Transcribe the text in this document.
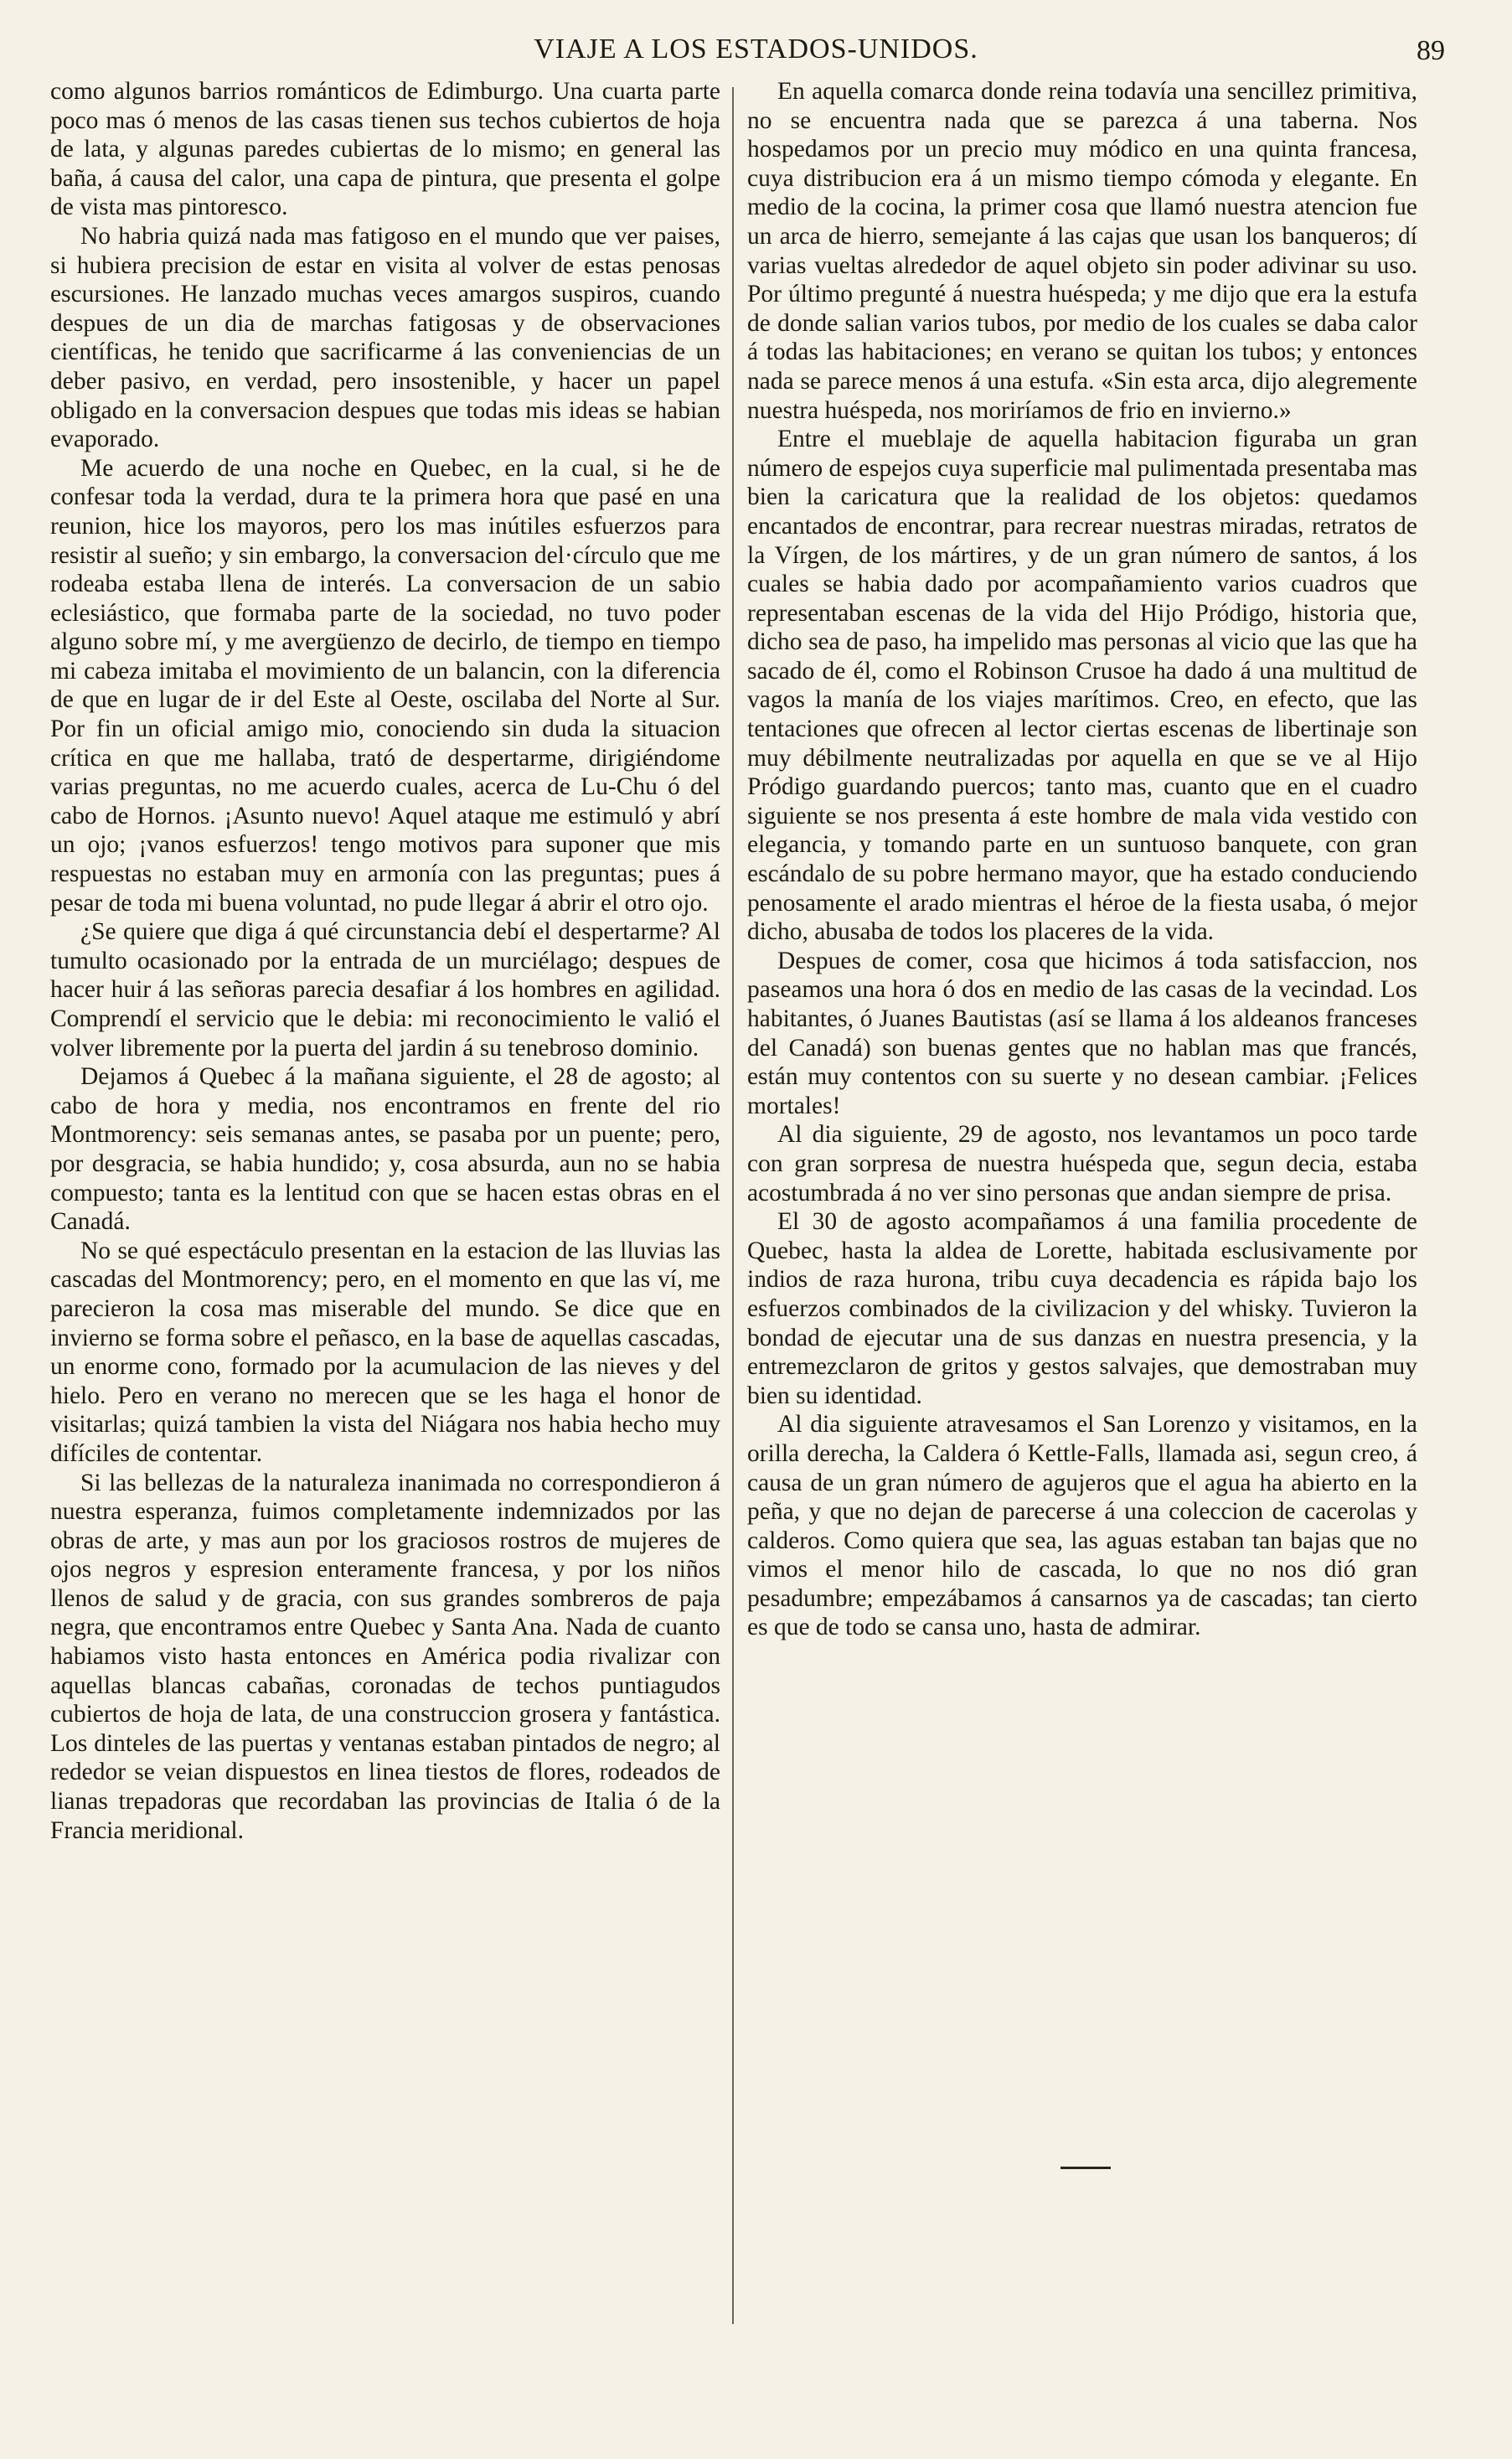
VIAJE A LOS ESTADOS-UNIDOS.	89

como algunos barrios románticos de Edimburgo. Una cuarta parte poco mas ó menos de las casas tienen sus techos cubiertos de hoja de lata, y algunas paredes cubiertas de lo mismo; en general las baña, á causa del calor, una capa de pintura, que presenta el golpe de vista mas pintoresco.

No habria quizá nada mas fatigoso en el mundo que ver paises, si hubiera precision de estar en visita al volver de estas penosas escursiones. He lanzado muchas veces amargos suspiros, cuando despues de un dia de marchas fatigosas y de observaciones científicas, he tenido que sacrificarme á las conveniencias de un deber pasivo, en verdad, pero insostenible, y hacer un papel obligado en la conversacion despues que todas mis ideas se habian evaporado.

Me acuerdo de una noche en Quebec, en la cual, si he de confesar toda la verdad, dura te la primera hora que pasé en una reunion, hice los mayoros, pero los mas inútiles esfuerzos para resistir al sueño; y sin embargo, la conversacion del·círculo que me rodeaba estaba llena de interés. La conversacion de un sabio eclesiástico, que formaba parte de la sociedad, no tuvo poder alguno sobre mí, y me avergüenzo de decirlo, de tiempo en tiempo mi cabeza imitaba el movimiento de un balancin, con la diferencia de que en lugar de ir del Este al Oeste, oscilaba del Norte al Sur. Por fin un oficial amigo mio, conociendo sin duda la situacion crítica en que me hallaba, trató de despertarme, dirigiéndome varias preguntas, no me acuerdo cuales, acerca de Lu-Chu ó del cabo de Hornos. ¡Asunto nuevo! Aquel ataque me estimuló y abrí un ojo; ¡vanos esfuerzos! tengo motivos para suponer que mis respuestas no estaban muy en armonía con las preguntas; pues á pesar de toda mi buena voluntad, no pude llegar á abrir el otro ojo.

¿Se quiere que diga á qué circunstancia debí el despertarme? Al tumulto ocasionado por la entrada de un murciélago; despues de hacer huir á las señoras parecia desafiar á los hombres en agilidad. Comprendí el servicio que le debia: mi reconocimiento le valió el volver libremente por la puerta del jardin á su tenebroso dominio.

Dejamos á Quebec á la mañana siguiente, el 28 de agosto; al cabo de hora y media, nos encontramos en frente del rio Montmorency: seis semanas antes, se pasaba por un puente; pero, por desgracia, se habia hundido; y, cosa absurda, aun no se habia compuesto; tanta es la lentitud con que se hacen estas obras en el Canadá.

No se qué espectáculo presentan en la estacion de las lluvias las cascadas del Montmorency; pero, en el momento en que las ví, me parecieron la cosa mas miserable del mundo. Se dice que en invierno se forma sobre el peñasco, en la base de aquellas cascadas, un enorme cono, formado por la acumulacion de las nieves y del hielo. Pero en verano no merecen que se les haga el honor de visitarlas; quizá tambien la vista del Niágara nos habia hecho muy difíciles de contentar.

Si las bellezas de la naturaleza inanimada no correspondieron á nuestra esperanza, fuimos completamente indemnizados por las obras de arte, y mas aun por los graciosos rostros de mujeres de ojos negros y espresion enteramente francesa, y por los niños llenos de salud y de gracia, con sus grandes sombreros de paja negra, que encontramos entre Quebec y Santa Ana. Nada de cuanto habiamos visto hasta entonces en América podia rivalizar con aquellas blancas cabañas, coronadas de techos puntiagudos cubiertos de hoja de lata, de una construccion grosera y fantástica. Los dinteles de las puertas y ventanas estaban pintados de negro; al rededor se veian dispuestos en linea tiestos de flores, rodeados de lianas trepadoras que recordaban las provincias de Italia ó de la Francia meridional.

En aquella comarca donde reina todavía una sencillez primitiva, no se encuentra nada que se parezca á una taberna. Nos hospedamos por un precio muy módico en una quinta francesa, cuya distribucion era á un mismo tiempo cómoda y elegante. En medio de la cocina, la primer cosa que llamó nuestra atencion fue un arca de hierro, semejante á las cajas que usan los banqueros; dí varias vueltas alrededor de aquel objeto sin poder adivinar su uso. Por último pregunté á nuestra huéspeda; y me dijo que era la estufa de donde salian varios tubos, por medio de los cuales se daba calor á todas las habitaciones; en verano se quitan los tubos; y entonces nada se parece menos á una estufa. «Sin esta arca, dijo alegremente nuestra huéspeda, nos moriríamos de frio en invierno.»

Entre el mueblaje de aquella habitacion figuraba un gran número de espejos cuya superficie mal pulimentada presentaba mas bien la caricatura que la realidad de los objetos: quedamos encantados de encontrar, para recrear nuestras miradas, retratos de la Vírgen, de los mártires, y de un gran número de santos, á los cuales se habia dado por acompañamiento varios cuadros que representaban escenas de la vida del Hijo Pródigo, historia que, dicho sea de paso, ha impelido mas personas al vicio que las que ha sacado de él, como el Robinson Crusoe ha dado á una multitud de vagos la manía de los viajes marítimos. Creo, en efecto, que las tentaciones que ofrecen al lector ciertas escenas de libertinaje son muy débilmente neutralizadas por aquella en que se ve al Hijo Pródigo guardando puercos; tanto mas, cuanto que en el cuadro siguiente se nos presenta á este hombre de mala vida vestido con elegancia, y tomando parte en un suntuoso banquete, con gran escándalo de su pobre hermano mayor, que ha estado conduciendo penosamente el arado mientras el héroe de la fiesta usaba, ó mejor dicho, abusaba de todos los placeres de la vida.

Despues de comer, cosa que hicimos á toda satisfaccion, nos paseamos una hora ó dos en medio de las casas de la vecindad. Los habitantes, ó Juanes Bautistas (así se llama á los aldeanos franceses del Canadá) son buenas gentes que no hablan mas que francés, están muy contentos con su suerte y no desean cambiar. ¡Felices mortales!

Al dia siguiente, 29 de agosto, nos levantamos un poco tarde con gran sorpresa de nuestra huéspeda que, segun decia, estaba acostumbrada á no ver sino personas que andan siempre de prisa.

El 30 de agosto acompañamos á una familia procedente de Quebec, hasta la aldea de Lorette, habitada esclusivamente por indios de raza hurona, tribu cuya decadencia es rápida bajo los esfuerzos combinados de la civilizacion y del whisky. Tuvieron la bondad de ejecutar una de sus danzas en nuestra presencia, y la entremezclaron de gritos y gestos salvajes, que demostraban muy bien su identidad.

Al dia siguiente atravesamos el San Lorenzo y visitamos, en la orilla derecha, la Caldera ó Kettle-Falls, llamada asi, segun creo, á causa de un gran número de agujeros que el agua ha abierto en la peña, y que no dejan de parecerse á una coleccion de cacerolas y calderos. Como quiera que sea, las aguas estaban tan bajas que no vimos el menor hilo de cascada, lo que no nos dió gran pesadumbre; empezábamos á cansarnos ya de cascadas; tan cierto es que de todo se cansa uno, hasta de admirar.
